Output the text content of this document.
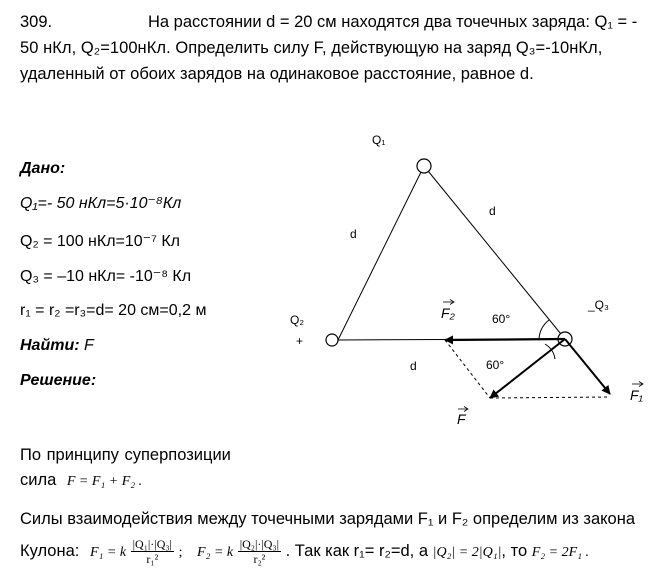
309.	На расстоянии d = 20 см находятся два точечных заряда: Q₁ = -
50 нКл, Q₂=100нКл. Определить силу F, действующую на заряд Q₃=-10нКл,
удаленный от обоих зарядов на одинаковое расстояние, равное d.
Дано:
Q₁=- 50 нКл=5·10⁻⁸Кл
Q₂ = 100 нКл=10⁻⁷ Кл
Q₃ = –10 нКл= -10⁻⁸ Кл
r₁ = r₂ =r₃=d= 20 см=0,2 м
Найти: F
Решение:
Q₁
Q₂
+
_Q₃
d
d
d
60°
60°
F₂
F₁
F
По принципу суперпозиции
сила F = F₁ + F₂ .
Силы взаимодействия между точечными зарядами F₁ и F₂ определим из закона
Кулона: F₁ = k $\frac{\text{|Q₁|·|Q₃|}}{\text{r₁²}}$ ; F₂ = k $\frac{\text{|Q₂|·|Q₃|}}{\text{r₂²}}$ . Так как r₁= r₂=d, а |Q₂| = 2|Q₁|, то F₂ = 2F₁ .
